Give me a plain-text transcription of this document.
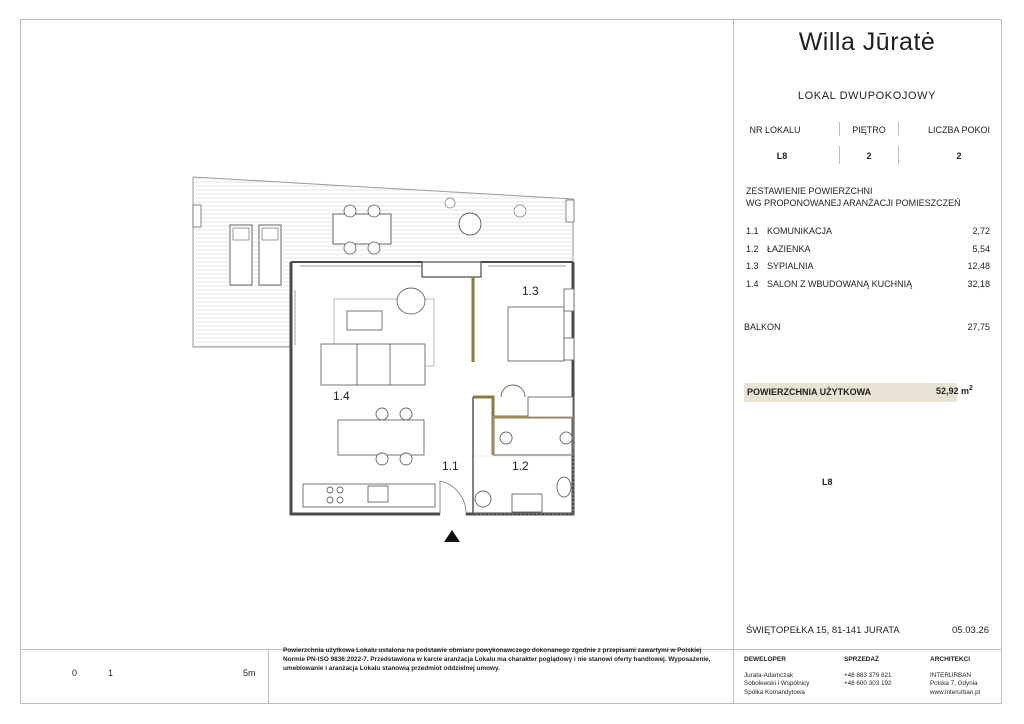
1.4
1.3
1.2
1.1
L8
Willa Jūratė
LOKAL DWUPOKOJOWY
NR LOKALU	PIĘTRO	LICZBA POKOI
L8	2	2
ZESTAWIENIE POWIERZCHNI
WG PROPONOWANEJ ARANŻACJI POMIESZCZEŃ
1.1 KOMUNIKACJA	2,72
1.2 ŁAZIENKA	5,54
1.3 SYPIALNIA	12,48
1.4 SALON Z WBUDOWANĄ KUCHNIĄ	32,18
BALKON	27,75
POWIERZCHNIA UŻYTKOWA	52,92 $m^2$
ŚWIĘTOPEŁKA 15, 81-141 JURATA	05.03.26
0	1	5m
Powierzchnia użytkowa Lokalu ustalona na podstawie obmiaru powykonawczego dokonanego zgodnie z przepisami zawartymi w Polskiej Normie PN-ISO 9836:2022-7. Przedstawiona w karcie aranżacja Lokalu ma charakter poglądowy i nie stanowi oferty handlowej. Wyposażenie, umeblowanie i aranżacja Lokalu stanowią przedmiot oddzielnej umowy.
DEWELOPER
Jurata-Adamczak
Sobolewski i Wspólnicy
Spółka Komandytowa
SPRZEDAŻ
+48 883 379 621
+48 600 303 192
ARCHITEKCI
INTERURBAN
Polska 7, Gdynia
www.interurban.pl
